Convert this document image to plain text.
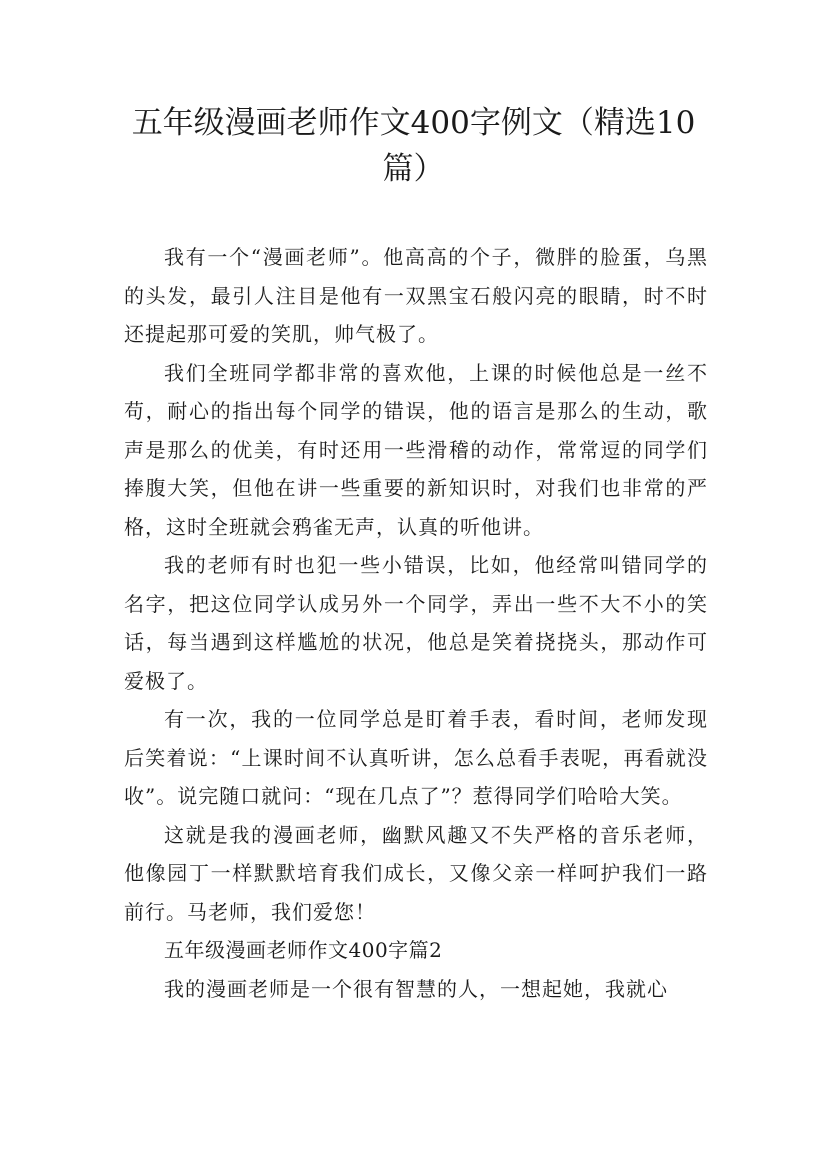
五年级漫画老师作文400字例文（精选10篇）

我有一个“漫画老师”。他高高的个子，微胖的脸蛋，乌黑的头发，最引人注目是他有一双黑宝石般闪亮的眼睛，时不时还提起那可爱的笑肌，帅气极了。

我们全班同学都非常的喜欢他，上课的时候他总是一丝不苟，耐心的指出每个同学的错误，他的语言是那么的生动，歌声是那么的优美，有时还用一些滑稽的动作，常常逗的同学们捧腹大笑，但他在讲一些重要的新知识时，对我们也非常的严格，这时全班就会鸦雀无声，认真的听他讲。

我的老师有时也犯一些小错误，比如，他经常叫错同学的名字，把这位同学认成另外一个同学，弄出一些不大不小的笑话，每当遇到这样尴尬的状况，他总是笑着挠挠头，那动作可爱极了。

有一次，我的一位同学总是盯着手表，看时间，老师发现后笑着说：“上课时间不认真听讲，怎么总看手表呢，再看就没收”。说完随口就问：“现在几点了”？惹得同学们哈哈大笑。

这就是我的漫画老师，幽默风趣又不失严格的音乐老师，他像园丁一样默默培育我们成长，又像父亲一样呵护我们一路前行。马老师，我们爱您！

五年级漫画老师作文400字篇2

我的漫画老师是一个很有智慧的人，一想起她，我就心
